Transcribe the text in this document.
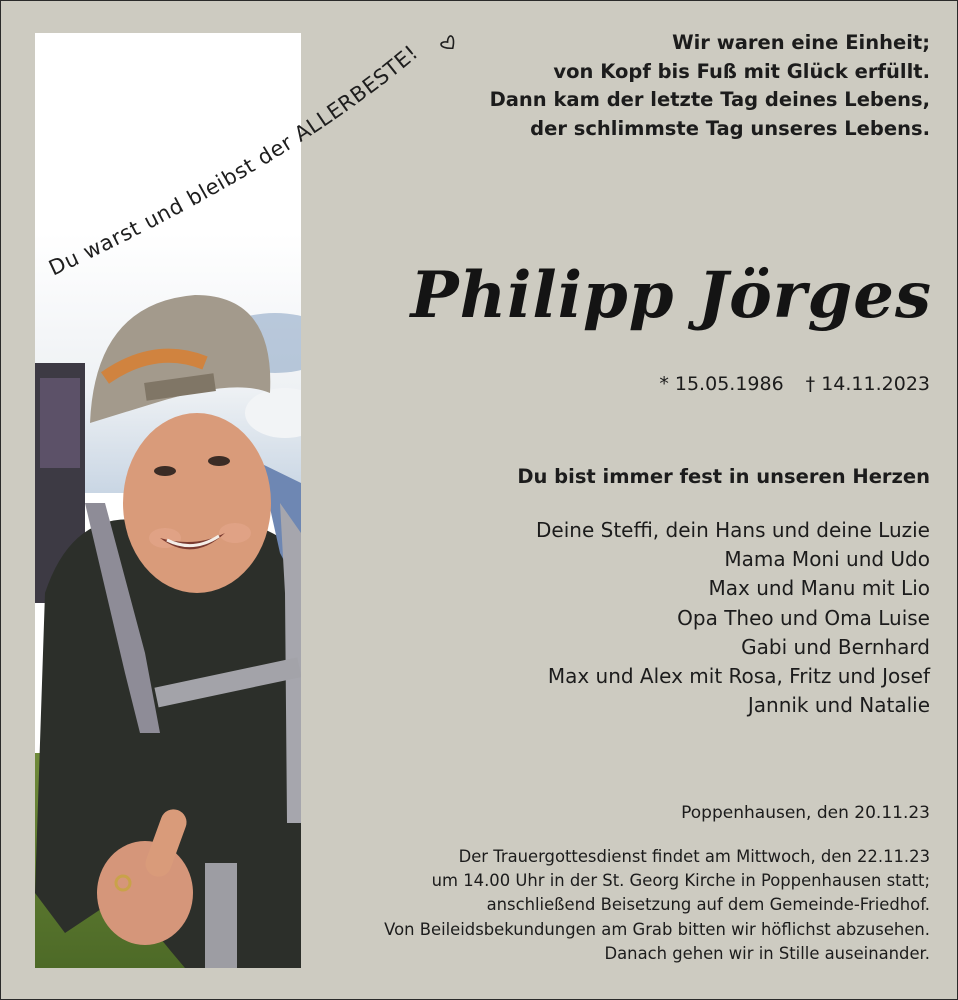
Du warst und bleibst der ALLERBESTE!	Wir waren eine Einheit;
von Kopf bis Fuß mit Glück erfüllt.
Dann kam der letzte Tag deines Lebens,
der schlimmste Tag unseres Lebens.
Philipp Jörges
* 15.05.1986 † 14.11.2023
Du bist immer fest in unseren Herzen
Deine Steffi, dein Hans und deine Luzie
Mama Moni und Udo
Max und Manu mit Lio
Opa Theo und Oma Luise
Gabi und Bernhard
Max und Alex mit Rosa, Fritz und Josef
Jannik und Natalie
Poppenhausen, den 20.11.23
Der Trauergottesdienst findet am Mittwoch, den 22.11.23
um 14.00 Uhr in der St. Georg Kirche in Poppenhausen statt;
anschließend Beisetzung auf dem Gemeinde-Friedhof.
Von Beileidsbekundungen am Grab bitten wir höflichst abzusehen.
Danach gehen wir in Stille auseinander.
